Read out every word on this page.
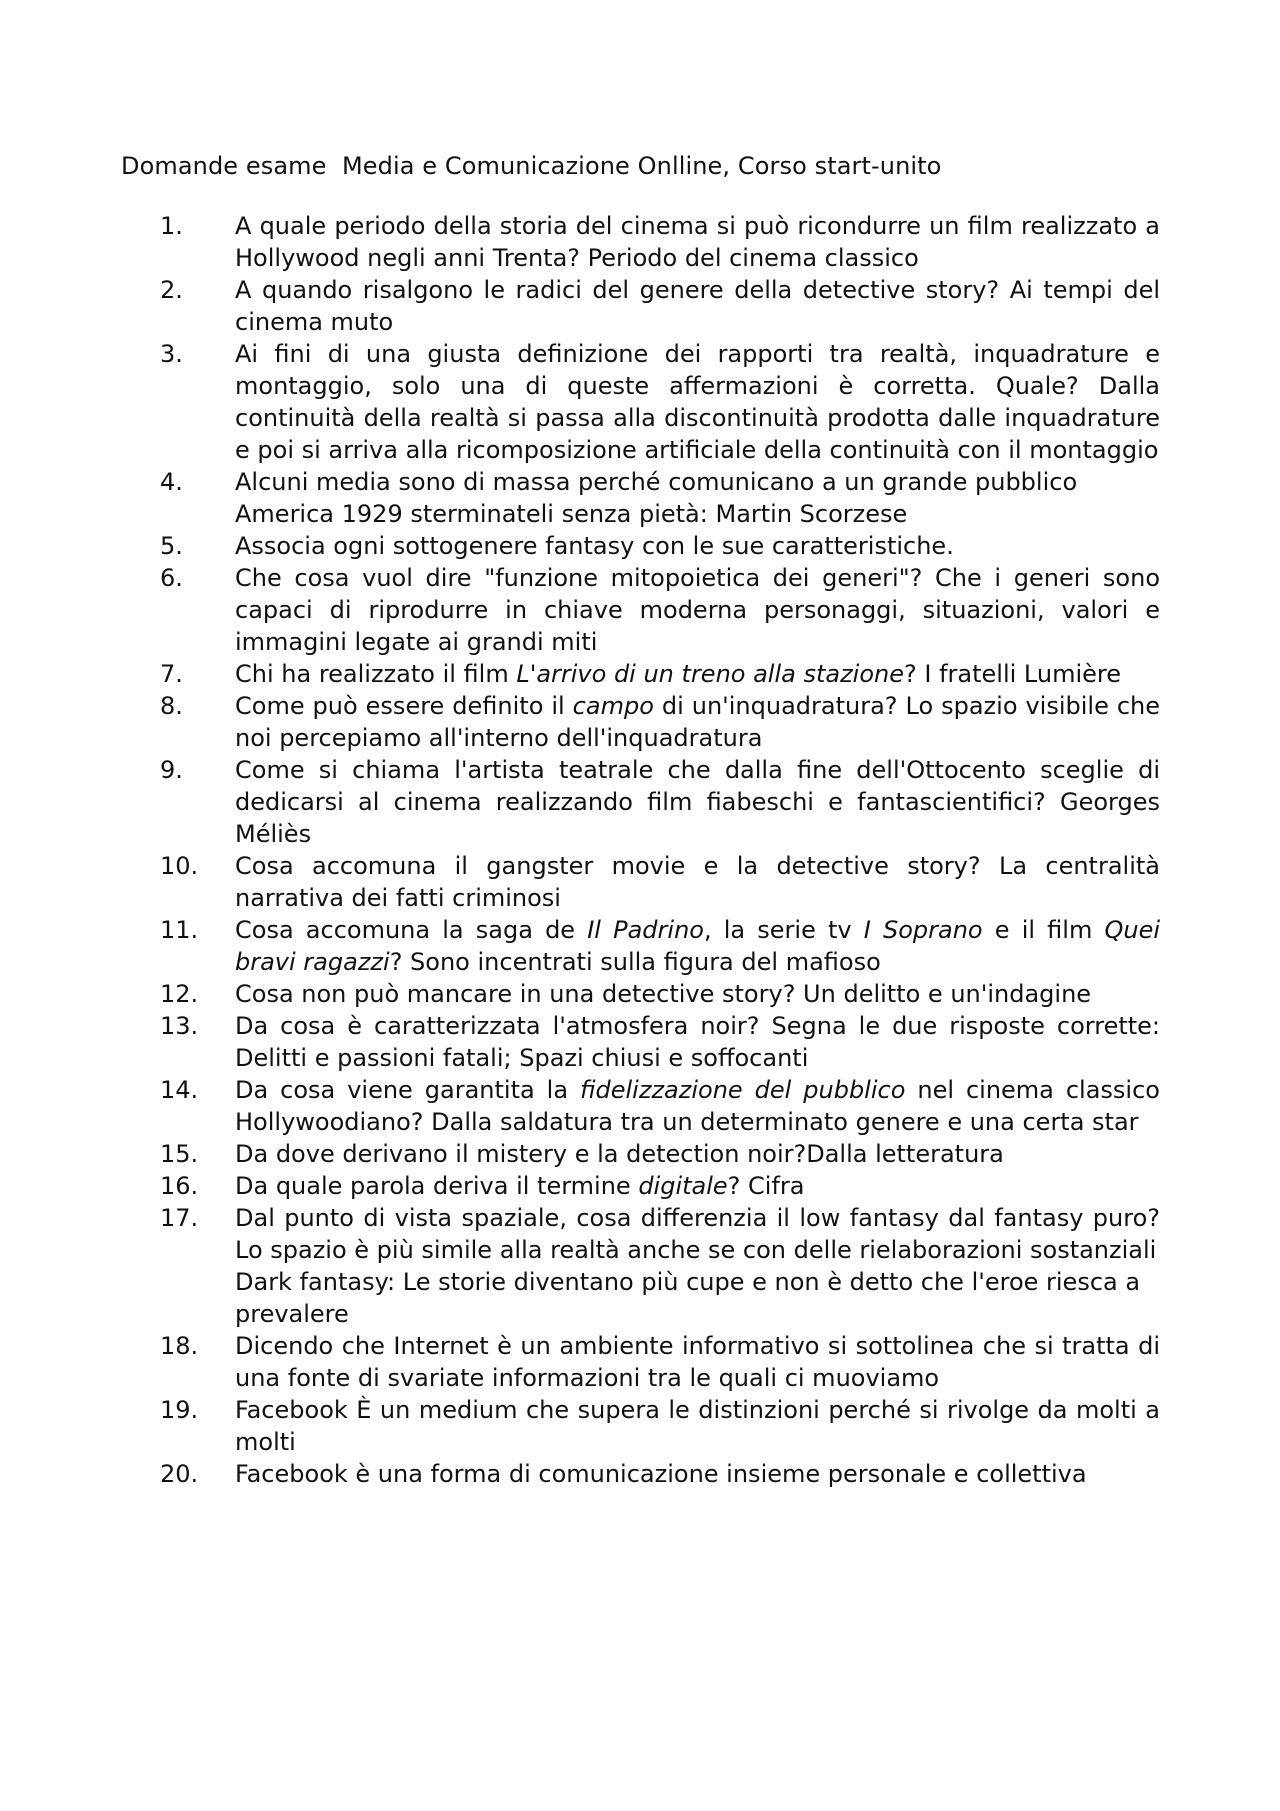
Domande esame  Media e Comunicazione Onlline, Corso start-unito
1.	A quale periodo della storia del cinema si può ricondurre un film realizzato a Hollywood negli anni Trenta? Periodo del cinema classico
2.	A quando risalgono le radici del genere della detective story? Ai tempi del cinema muto
3.	Ai fini di una giusta definizione dei rapporti tra realtà, inquadrature e montaggio, solo una di queste affermazioni è corretta. Quale? Dalla continuità della realtà si passa alla discontinuità prodotta dalle inquadrature e poi si arriva alla ricomposizione artificiale della continuità con il montaggio
4.	Alcuni media sono di massa perché comunicano a un grande pubblico
America 1929 sterminateli senza pietà: Martin Scorzese
5.	Associa ogni sottogenere fantasy con le sue caratteristiche.
6.	Che cosa vuol dire "funzione mitopoietica dei generi"? Che i generi sono capaci di riprodurre in chiave moderna personaggi, situazioni, valori e immagini legate ai grandi miti
7.	Chi ha realizzato il film L'arrivo di un treno alla stazione? I fratelli Lumière
8.	Come può essere definito il campo di un'inquadratura? Lo spazio visibile che noi percepiamo all'interno dell'inquadratura
9.	Come si chiama l'artista teatrale che dalla fine dell'Ottocento sceglie di dedicarsi al cinema realizzando film fiabeschi e fantascientifici? Georges Méliès
10.	Cosa accomuna il gangster movie e la detective story? La centralità narrativa dei fatti criminosi
11.	Cosa accomuna la saga de Il Padrino, la serie tv I Soprano e il film Quei bravi ragazzi? Sono incentrati sulla figura del mafioso
12.	Cosa non può mancare in una detective story? Un delitto e un'indagine
13.	Da cosa è caratterizzata l'atmosfera noir? Segna le due risposte corrette: Delitti e passioni fatali; Spazi chiusi e soffocanti
14.	Da cosa viene garantita la fidelizzazione del pubblico nel cinema classico Hollywoodiano? Dalla saldatura tra un determinato genere e una certa star
15.	Da dove derivano il mistery e la detection noir?Dalla letteratura
16.	Da quale parola deriva il termine digitale? Cifra
17.	Dal punto di vista spaziale, cosa differenzia il low fantasy dal fantasy puro?Lo spazio è più simile alla realtà anche se con delle rielaborazioni sostanziali
Dark fantasy: Le storie diventano più cupe e non è detto che l'eroe riesca a prevalere
18.	Dicendo che Internet è un ambiente informativo si sottolinea che si tratta di una fonte di svariate informazioni tra le quali ci muoviamo
19.	Facebook È un medium che supera le distinzioni perché si rivolge da molti a molti
20.	Facebook è una forma di comunicazione insieme personale e collettiva
